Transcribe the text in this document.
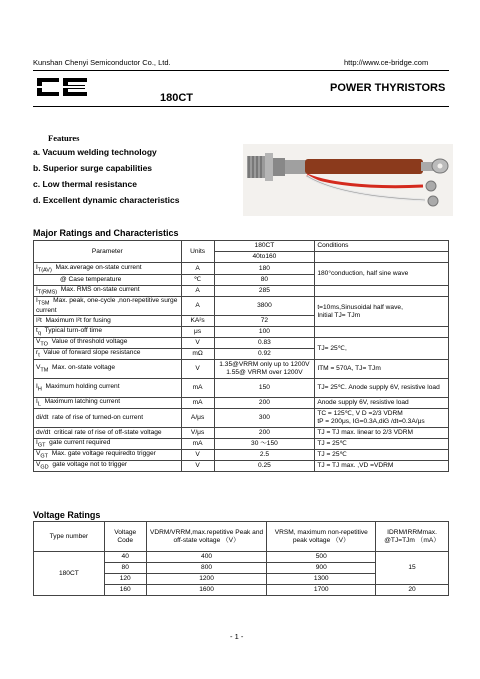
Kunshan Chenyi Semiconductor Co., Ltd.	http://www.ce-bridge.com
180CT
POWER THYRISTORS
Features
a. Vacuum welding technology
b. Superior surge capabilities
c. Low thermal resistance
d. Excellent dynamic characteristics
Major Ratings and Characteristics
Parameter	Units	180CT	Conditions
		40to160	
$I_{T(AV)}$ Max.average on-state current	A	180	180°conduction, half sine wave
@ Case temperature	℃	80	
$I_{T(RMS)}$ Max. RMS on-state current	A	285	
$I_{TSM}$ Max. peak, one-cycle ,non-repetitive surge current	A	3800	t=10ms,Sinusoidal half wave,
Initial TJ= TJm

I²t Maximum I²t for fusing	KA²s	72	
$t_q$ Typical turn-off time	μs	100	
$V_{TO}$ Value of threshold voltage	V	0.83	TJ= 25℃,
$r_t$ Value of forward slope resistance	mΩ	0.92	
$V_{TM}$ Max. on-state voltage	V	1.35@VRRM only up to 1200V
1.55@ VRRM over 1200V	ITM = 570A, TJ= TJm
$I_H$ Maximum holding current	mA	150	TJ= 25℃. Anode supply 6V, resistive load
$I_L$ Maximum latching current	mA	200	Anode supply 6V, resistive load
di/dt rate of rise of turned-on current	A/μs	300	TC = 125℃, V D =2/3 VDRM
tP = 200μs, IG=0.3A,diG /dt=0.3A/μs

dv/dt critical rate of rise of off-state voltage	V/μs	200	TJ = TJ max. linear to 2/3 VDRM
$I_{GT}$ gate current required	mA	30 ～150	TJ = 25℃
$V_{GT}$ Max. gate voltage requiredto trigger	V	2.5	TJ = 25℃
$V_{GD}$ gate voltage not to trigger	V	0.25	TJ = TJ max. ,VD =VDRM
Voltage Ratings
Type number	Voltage Code	VDRM/VRRM,max.repetitive Peak and off-state voltage （V）	VRSM, maximum non-repetitive peak voltage （V）	IDRM/IRRMmax. @TJ=TJm （mA）
180CT	40	400	500	15
	80	800	900	
	120	1200	1300	
	160	1600	1700	20
- 1 -
